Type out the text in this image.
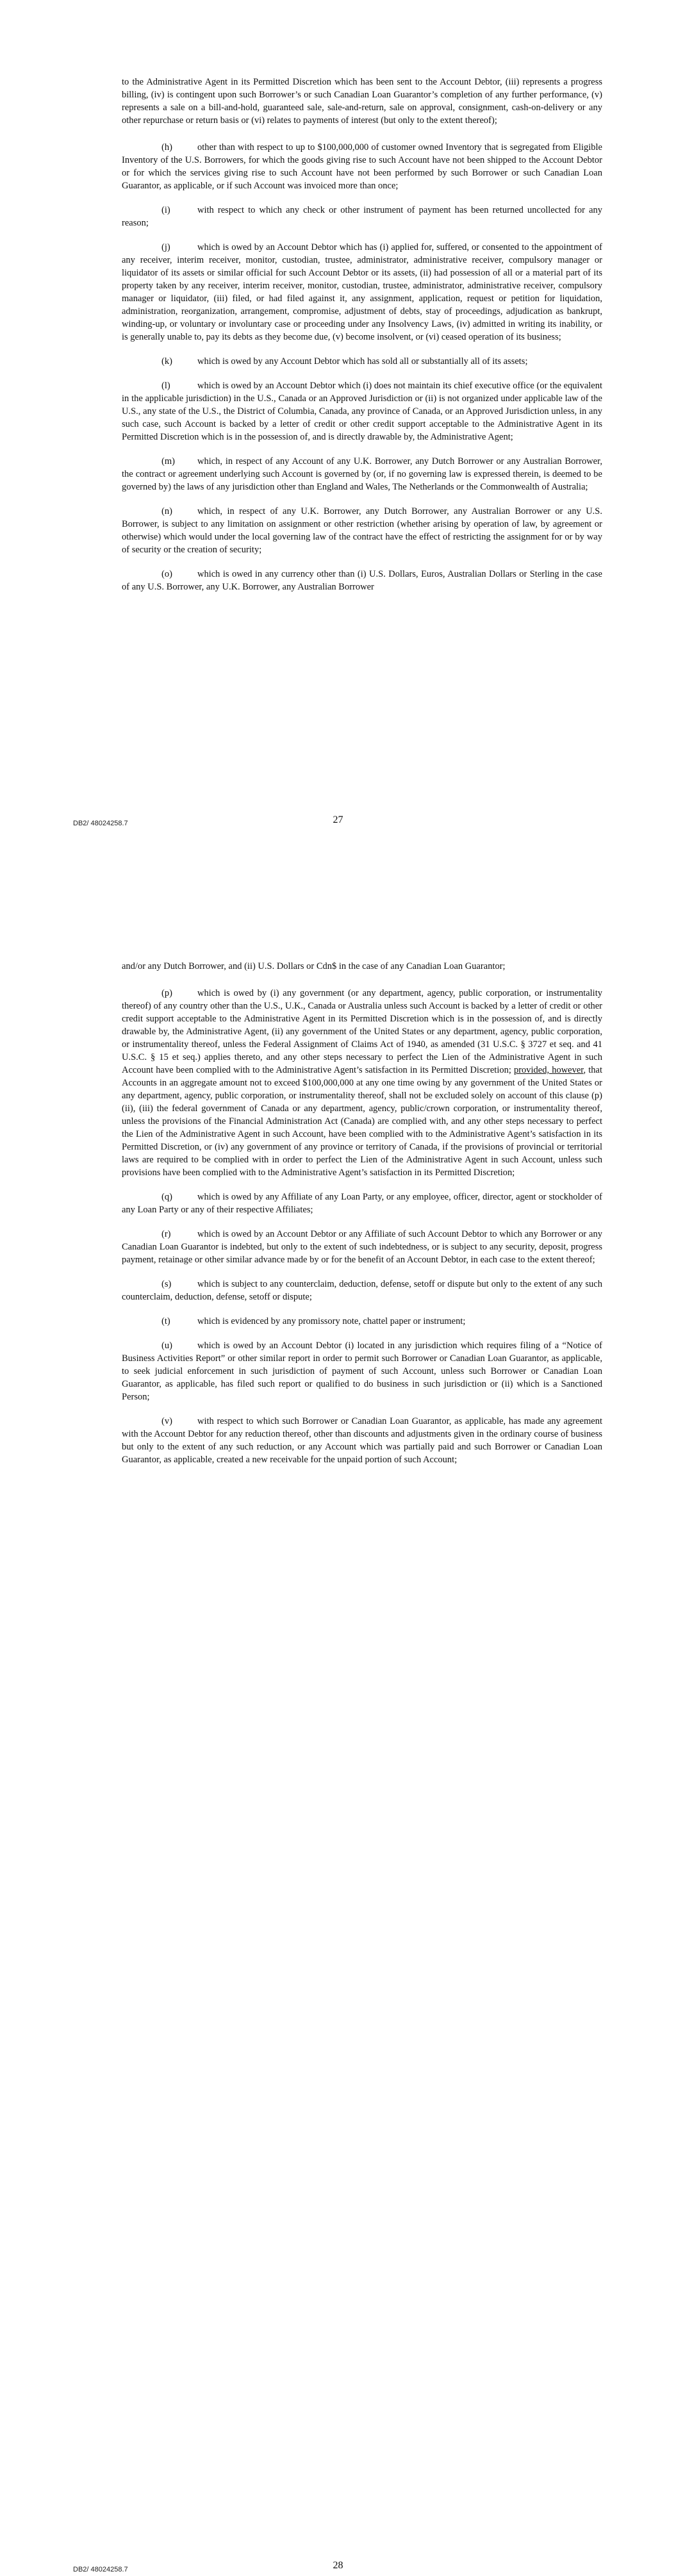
to the Administrative Agent in its Permitted Discretion which has been sent to the Account Debtor, (iii) represents a progress billing, (iv) is contingent upon such Borrower’s or such Canadian Loan Guarantor’s completion of any further performance, (v) represents a sale on a bill-and-hold, guaranteed sale, sale-and-return, sale on approval, consignment, cash-on-delivery or any other repurchase or return basis or (vi) relates to payments of interest (but only to the extent thereof);

(h)	other than with respect to up to $100,000,000 of customer owned Inventory that is segregated from Eligible Inventory of the U.S. Borrowers, for which the goods giving rise to such Account have not been shipped to the Account Debtor or for which the services giving rise to such Account have not been performed by such Borrower or such Canadian Loan Guarantor, as applicable, or if such Account was invoiced more than once;

(i)	with respect to which any check or other instrument of payment has been returned uncollected for any reason;

(j)	which is owed by an Account Debtor which has (i) applied for, suffered, or consented to the appointment of any receiver, interim receiver, monitor, custodian, trustee, administrator, administrative receiver, compulsory manager or liquidator of its assets or similar official for such Account Debtor or its assets, (ii) had possession of all or a material part of its property taken by any receiver, interim receiver, monitor, custodian, trustee, administrator, administrative receiver, compulsory manager or liquidator, (iii) filed, or had filed against it, any assignment, application, request or petition for liquidation, administration, reorganization, arrangement, compromise, adjustment of debts, stay of proceedings, adjudication as bankrupt, winding-up, or voluntary or involuntary case or proceeding under any Insolvency Laws, (iv) admitted in writing its inability, or is generally unable to, pay its debts as they become due, (v) become insolvent, or (vi) ceased operation of its business;

(k)	which is owed by any Account Debtor which has sold all or substantially all of its assets;

(l)	which is owed by an Account Debtor which (i) does not maintain its chief executive office (or the equivalent in the applicable jurisdiction) in the U.S., Canada or an Approved Jurisdiction or (ii) is not organized under applicable law of the U.S., any state of the U.S., the District of Columbia, Canada, any province of Canada, or an Approved Jurisdiction unless, in any such case, such Account is backed by a letter of credit or other credit support acceptable to the Administrative Agent in its Permitted Discretion which is in the possession of, and is directly drawable by, the Administrative Agent;

(m) which, in respect of any Account of any U.K. Borrower, any Dutch Borrower or any Australian Borrower, the contract or agreement underlying such Account is governed by (or, if no governing law is expressed therein, is deemed to be governed by) the laws of any jurisdiction other than England and Wales, The Netherlands or the Commonwealth of Australia;

(n)	which, in respect of any U.K. Borrower, any Dutch Borrower, any Australian Borrower or any U.S. Borrower, is subject to any limitation on assignment or other restriction (whether arising by operation of law, by agreement or otherwise) which would under the local governing law of the contract have the effect of restricting the assignment for or by way of security or the creation of security;

(o)	which is owed in any currency other than (i) U.S. Dollars, Euros, Australian Dollars or Sterling in the case of any U.S. Borrower, any U.K. Borrower, any Australian Borrower

DB2/ 48024258.7	27

and/or any Dutch Borrower, and (ii) U.S. Dollars or Cdn$ in the case of any Canadian Loan Guarantor;

(p)	which is owed by (i) any government (or any department, agency, public corporation, or instrumentality thereof) of any country other than the U.S., U.K., Canada or Australia unless such Account is backed by a letter of credit or other credit support acceptable to the Administrative Agent in its Permitted Discretion which is in the possession of, and is directly drawable by, the Administrative Agent, (ii) any government of the United States or any department, agency, public corporation, or instrumentality thereof, unless the Federal Assignment of Claims Act of 1940, as amended (31 U.S.C. § 3727 et seq. and 41 U.S.C. § 15 et seq.) applies thereto, and any other steps necessary to perfect the Lien of the Administrative Agent in such Account have been complied with to the Administrative Agent’s satisfaction in its Permitted Discretion; provided, however, that Accounts in an aggregate amount not to exceed $100,000,000 at any one time owing by any government of the United States or any department, agency, public corporation, or instrumentality thereof, shall not be excluded solely on account of this clause (p)(ii), (iii) the federal government of Canada or any department, agency, public/crown corporation, or instrumentality thereof, unless the provisions of the Financial Administration Act (Canada) are complied with, and any other steps necessary to perfect the Lien of the Administrative Agent in such Account, have been complied with to the Administrative Agent’s satisfaction in its Permitted Discretion, or (iv) any government of any province or territory of Canada, if the provisions of provincial or territorial laws are required to be complied with in order to perfect the Lien of the Administrative Agent in such Account, unless such provisions have been complied with to the Administrative Agent’s satisfaction in its Permitted Discretion;

(q)	which is owed by any Affiliate of any Loan Party, or any employee, officer, director, agent or stockholder of any Loan Party or any of their respective Affiliates;

(r)	which is owed by an Account Debtor or any Affiliate of such Account Debtor to which any Borrower or any Canadian Loan Guarantor is indebted, but only to the extent of such indebtedness, or is subject to any security, deposit, progress payment, retainage or other similar advance made by or for the benefit of an Account Debtor, in each case to the extent thereof;

(s)	which is subject to any counterclaim, deduction, defense, setoff or dispute but only to the extent of any such counterclaim, deduction, defense, setoff or dispute;

(t)	which is evidenced by any promissory note, chattel paper or instrument;

(u)	which is owed by an Account Debtor (i) located in any jurisdiction which requires filing of a “Notice of Business Activities Report” or other similar report in order to permit such Borrower or Canadian Loan Guarantor, as applicable, to seek judicial enforcement in such jurisdiction of payment of such Account, unless such Borrower or Canadian Loan Guarantor, as applicable, has filed such report or qualified to do business in such jurisdiction or (ii) which is a Sanctioned Person;

(v)	with respect to which such Borrower or Canadian Loan Guarantor, as applicable, has made any agreement with the Account Debtor for any reduction thereof, other than discounts and adjustments given in the ordinary course of business but only to the extent of any such reduction, or any Account which was partially paid and such Borrower or Canadian Loan Guarantor, as applicable, created a new receivable for the unpaid portion of such Account;

DB2/ 48024258.7	28
